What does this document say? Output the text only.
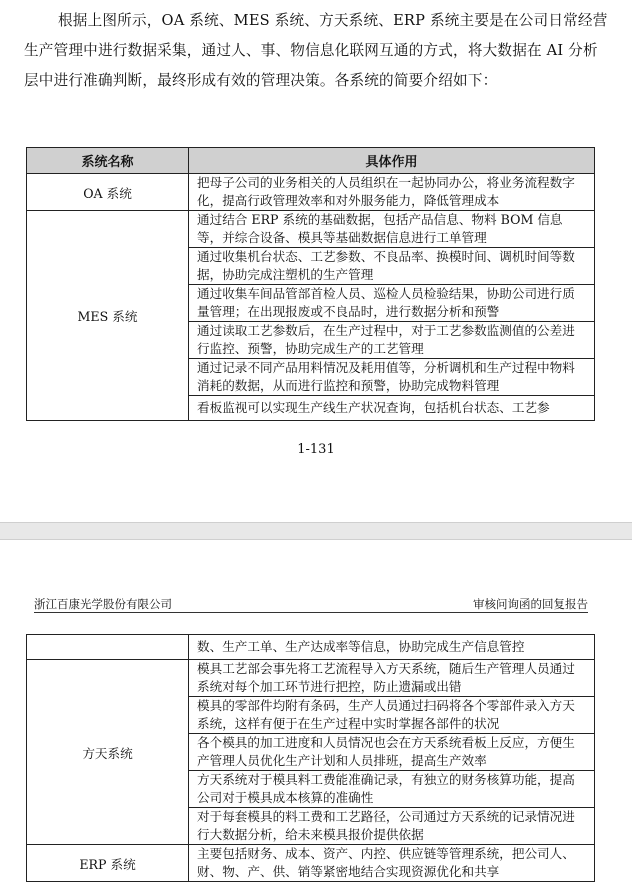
根据上图所示，OA 系统、MES 系统、方天系统、ERP 系统主要是在公司日常经营生产管理中进行数据采集，通过人、事、物信息化联网互通的方式，将大数据在 AI 分析层中进行准确判断，最终形成有效的管理决策。各系统的简要介绍如下：
系统名称	具体作用
OA 系统	把母子公司的业务相关的人员组织在一起协同办公，将业务流程数字化，提高行政管理效率和对外服务能力，降低管理成本
MES 系统	通过结合 ERP 系统的基础数据，包括产品信息、物料 BOM 信息等，并综合设备、模具等基础数据信息进行工单管理
	通过收集机台状态、工艺参数、不良品率、换模时间、调机时间等数据，协助完成注塑机的生产管理
	通过收集车间品管部首检人员、巡检人员检验结果，协助公司进行质量管理；在出现报废或不良品时，进行数据分析和预警
	通过读取工艺参数后，在生产过程中，对于工艺参数监测值的公差进行监控、预警，协助完成生产的工艺管理
	通过记录不同产品用料情况及耗用值等，分析调机和生产过程中物料消耗的数据，从而进行监控和预警，协助完成物料管理
	看板监视可以实现生产线生产状况查询，包括机台状态、工艺参
1-131
浙江百康光学股份有限公司	审核问询函的回复报告
	数、生产工单、生产达成率等信息，协助完成生产信息管控
方天系统	模具工艺部会事先将工艺流程导入方天系统，随后生产管理人员通过系统对每个加工环节进行把控，防止遗漏或出错
	模具的零部件均附有条码，生产人员通过扫码将各个零部件录入方天系统，这样有便于在生产过程中实时掌握各部件的状况
	各个模具的加工进度和人员情况也会在方天系统看板上反应，方便生产管理人员优化生产计划和人员排班，提高生产效率
	方天系统对于模具料工费能准确记录，有独立的财务核算功能，提高公司对于模具成本核算的准确性
	对于每套模具的料工费和工艺路径，公司通过方天系统的记录情况进行大数据分析，给未来模具报价提供依据
ERP 系统	主要包括财务、成本、资产、内控、供应链等管理系统，把公司人、财、物、产、供、销等紧密地结合实现资源优化和共享
